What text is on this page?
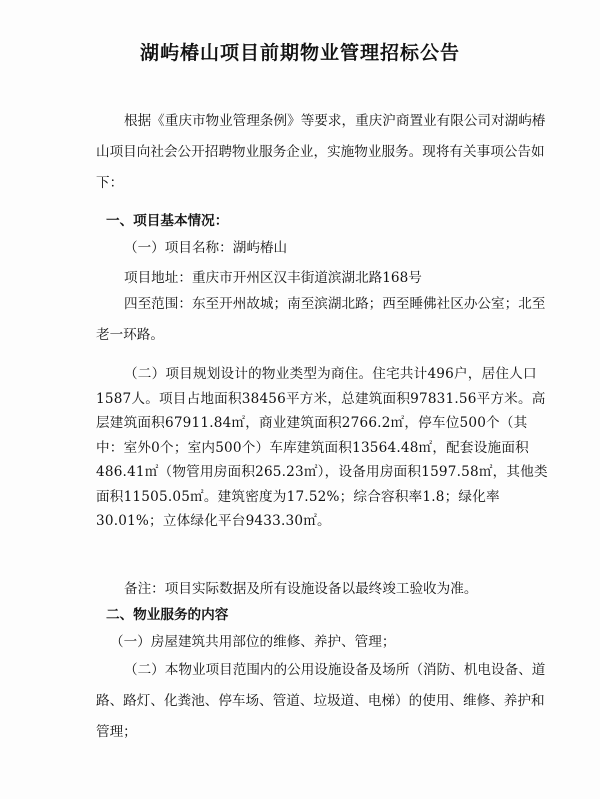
湖屿椿山项目前期物业管理招标公告

根据《重庆市物业管理条例》等要求，重庆沪商置业有限公司对湖屿椿山项目向社会公开招聘物业服务企业，实施物业服务。现将有关事项公告如下：

一、项目基本情况：
（一）项目名称：湖屿椿山
项目地址：重庆市开州区汉丰街道滨湖北路168号

四至范围：东至开州故城；南至滨湖北路；西至睡佛社区办公室；北至老一环路。

（二）项目规划设计的物业类型为商住。住宅共计496户，居住人口1587人。项目占地面积38456平方米，总建筑面积97831.56平方米。高层建筑面积67911.84㎡，商业建筑面积2766.2㎡，停车位500个（其中：室外0个；室内500个）车库建筑面积13564.48㎡，配套设施面积486.41㎡（物管用房面积265.23㎡），设备用房面积1597.58㎡，其他类面积11505.05㎡。建筑密度为17.52%；综合容积率1.8；绿化率30.01%；立体绿化平台9433.30㎡。

备注：项目实际数据及所有设施设备以最终竣工验收为准。
二、物业服务的内容
（一）房屋建筑共用部位的维修、养护、管理；

（二）本物业项目范围内的公用设施设备及场所（消防、机电设备、道路、路灯、化粪池、停车场、管道、垃圾道、电梯）的使用、维修、养护和管理；
